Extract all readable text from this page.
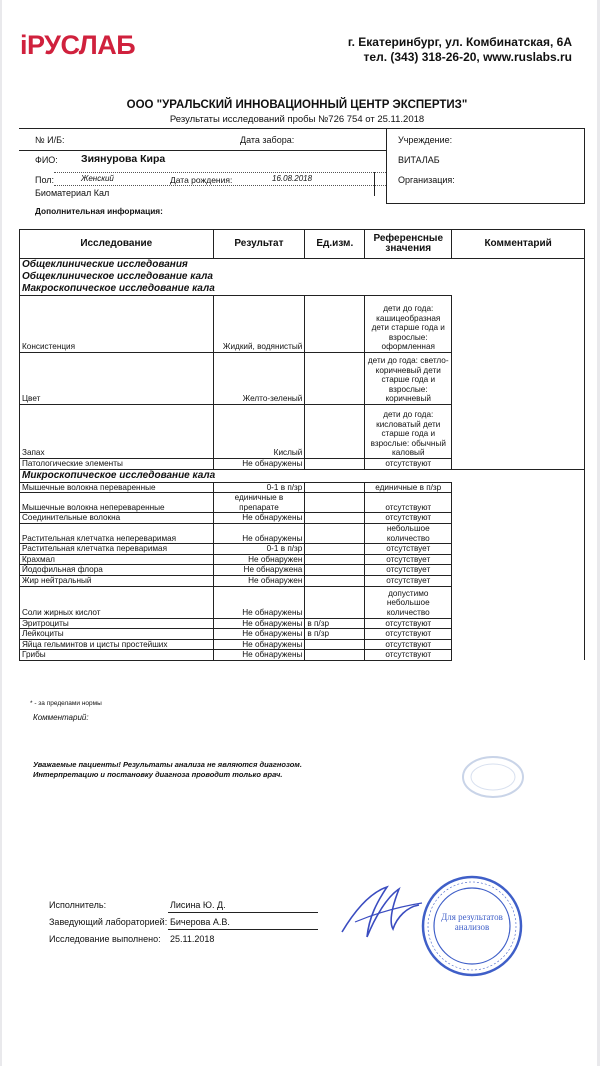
iРУСЛАБ	г. Екатеринбург, ул. Комбинатская, 6А
тел. (343) 318-26-20, www.ruslabs.ru
ООО "УРАЛЬСКИЙ ИННОВАЦИОННЫЙ ЦЕНТР ЭКСПЕРТИЗ"
Результаты исследований пробы №726 754 от 25.11.2018
№ И/Б:	Дата забора:	Учреждение:
ФИО: Зиянурова Кира	ВИТАЛАБ
Пол:	Женский	Дата рождения:	16.08.2018	Организация:
Биоматериал Кал
Дополнительная информация:
Исследование	Результат	Ед.изм.	Референсные значения	Комментарий
Общеклинические исследования				
Общеклиническое исследование кала				
Макроскопическое исследование кала				
Консистенция	Жидкий, водянистый		дети до года: кашицеобразная дети старше года и взрослые: оформленная	
Цвет	Желто-зеленый		дети до года: светло-коричневый дети старше года и взрослые: коричневый	
Запах	Кислый		дети до года: кисловатый дети старше года и взрослые: обычный каловый	
Патологические элементы	Не обнаружены		отсутствуют	
Микроскопическое исследование кала				
Мышечные волокна переваренные	0-1 в п/зр		единичные в п/зр	
Мышечные волокна непереваренные	единичные в препарате		отсутствуют	
Соединительные волокна	Не обнаружены		отсутствуют	
Растительная клетчатка непереваримая	Не обнаружены		небольшое количество	
Растительная клетчатка переваримая	0-1 в п/зр		отсутствует	
Крахмал	Не обнаружен		отсутствует	
Йодофильная флора	Не обнаружена		отсутствует	
Жир нейтральный	Не обнаружен		отсутствует	
Соли жирных кислот	Не обнаружены		допустимо небольшое количество	
Эритроциты	Не обнаружены	в п/зр	отсутствуют	
Лейкоциты	Не обнаружены	в п/зр	отсутствуют	
Яйца гельминтов и цисты простейших	Не обнаружены		отсутствуют	
Грибы	Не обнаружены		отсутствуют	
* - за пределами нормы
Комментарий:
Уважаемые пациенты! Результаты анализа не являются диагнозом.
Интерпретацию и постановку диагноза проводит только врач.
Исполнитель:	Лисина Ю. Д.
Заведующий лабораторией: Бичерова А.В.
Исследование выполнено: 25.11.2018
Для результатов анализов
